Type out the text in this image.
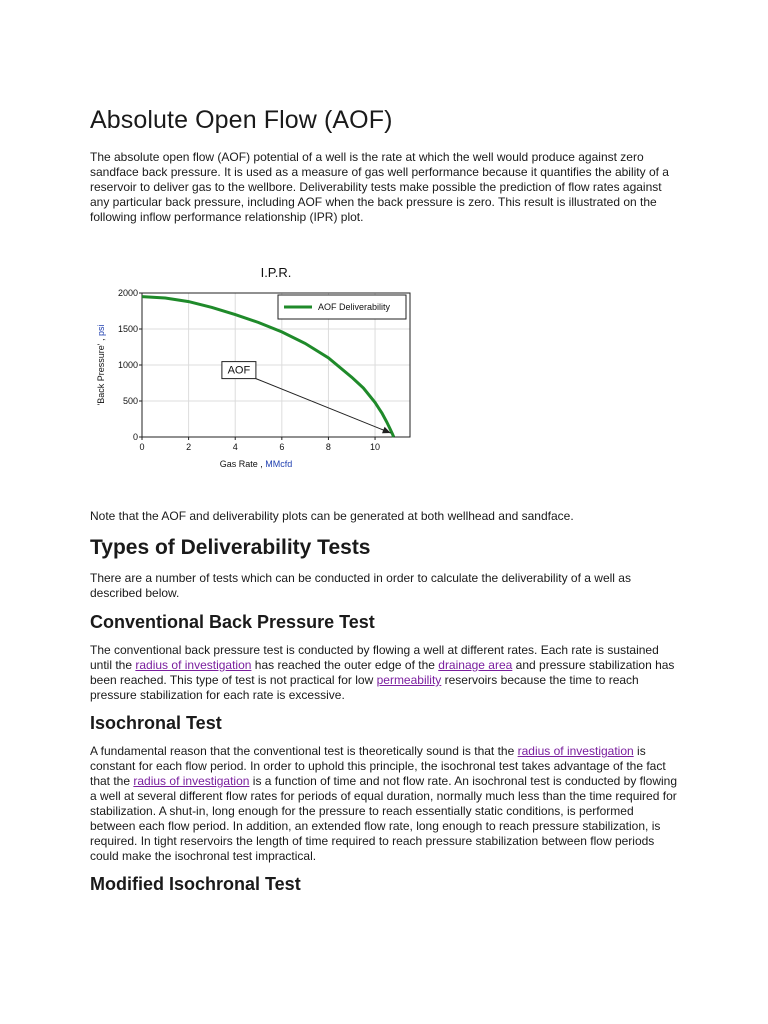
Absolute Open Flow (AOF)

The absolute open flow (AOF) potential of a well is the rate at which the well would produce against zero sandface back pressure. It is used as a measure of gas well performance because it quantifies the ability of a reservoir to deliver gas to the wellbore. Deliverability tests make possible the prediction of flow rates against any particular back pressure, including AOF when the back pressure is zero. This result is illustrated on the following inflow performance relationship (IPR) plot.

Note that the AOF and deliverability plots can be generated at both wellhead and sandface.

Types of Deliverability Tests

There are a number of tests which can be conducted in order to calculate the deliverability of a well as described below.

Conventional Back Pressure Test

The conventional back pressure test is conducted by flowing a well at different rates. Each rate is sustained until the radius of investigation has reached the outer edge of the drainage area and pressure stabilization has been reached. This type of test is not practical for low permeability reservoirs because the time to reach pressure stabilization for each rate is excessive.

Isochronal Test

A fundamental reason that the conventional test is theoretically sound is that the radius of investigation is constant for each flow period. In order to uphold this principle, the isochronal test takes advantage of the fact that the radius of investigation is a function of time and not flow rate. An isochronal test is conducted by flowing a well at several different flow rates for periods of equal duration, normally much less than the time required for stabilization. A shut-in, long enough for the pressure to reach essentially static conditions, is performed between each flow period. In addition, an extended flow rate, long enough to reach pressure stabilization, is required. In tight reservoirs the length of time required to reach pressure stabilization between flow periods could make the isochronal test impractical.

Modified Isochronal Test
I.P.R.
0	2	4	6	8	10
0
500
1000
1500
2000
AOF
AOF Deliverability
Gas Rate , MMcfd
'Back Pressure' , psi
